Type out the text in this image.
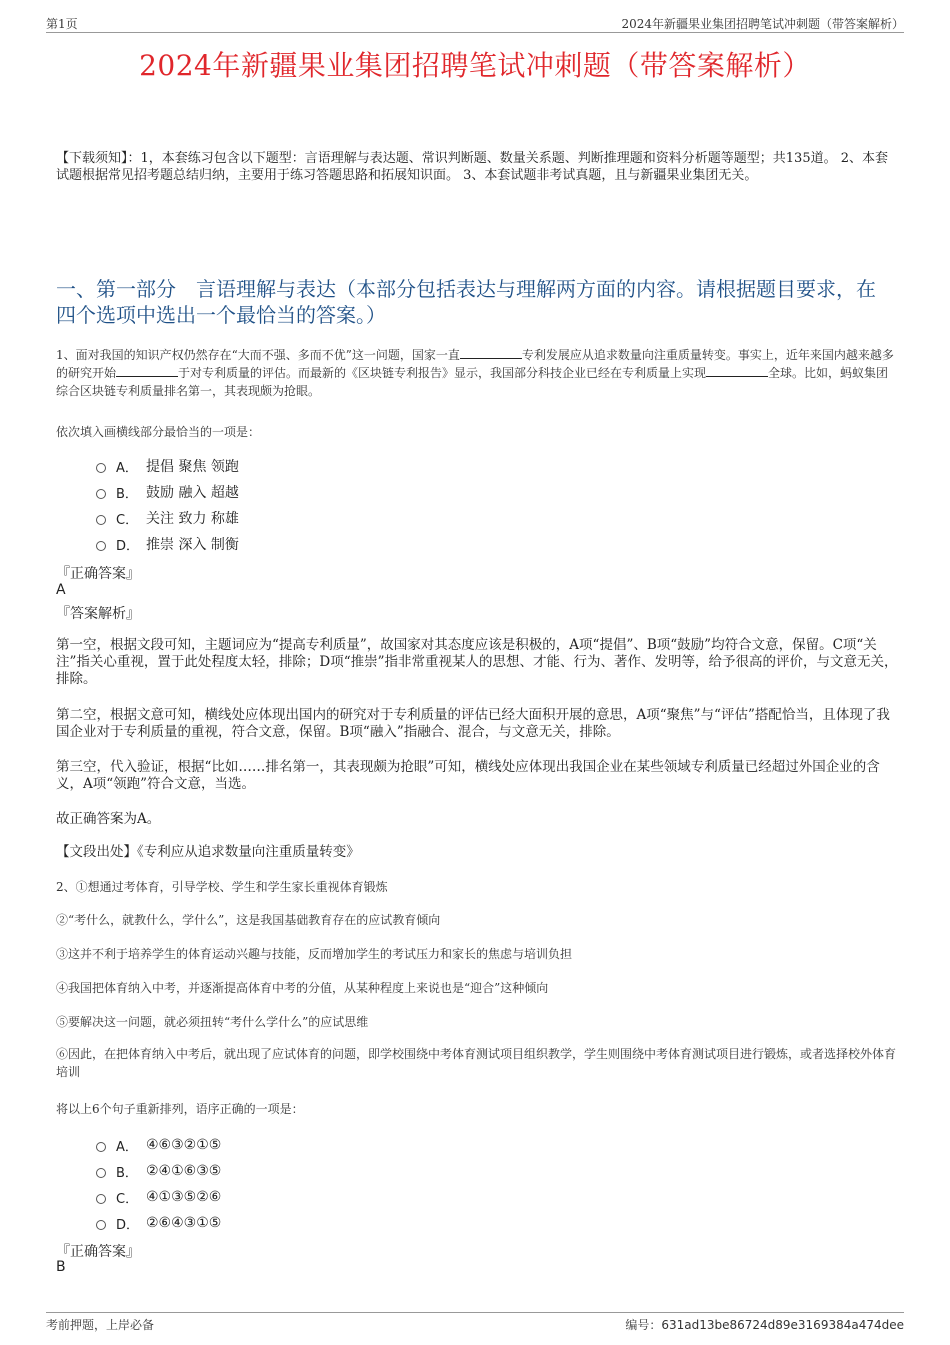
第1页	2024年新疆果业集团招聘笔试冲刺题（带答案解析）
2024年新疆果业集团招聘笔试冲刺题（带答案解析）
【下载须知】：1，本套练习包含以下题型：言语理解与表达题、常识判断题、数量关系题、判断推理题和资料分析题等题型；共135道。 2、本套试题根据常见招考题总结归纳，主要用于练习答题思路和拓展知识面。 3、本套试题非考试真题，且与新疆果业集团无关。
一、第一部分　言语理解与表达（本部分包括表达与理解两方面的内容。请根据题目要求，在四个选项中选出一个最恰当的答案。）
1、面对我国的知识产权仍然存在“大而不强、多而不优”这一问题，国家一直	专利发展应从追求数量向注重质量转变。事实上，近年来国内越来越多的研究开始	于对专利质量的评估。而最新的《区块链专利报告》显示，我国部分科技企业已经在专利质量上实现	全球。比如，蚂蚁集团综合区块链专利质量排名第一，其表现颇为抢眼。
依次填入画横线部分最恰当的一项是：
A． 提倡 聚焦 领跑
B． 鼓励 融入 超越
C． 关注 致力 称雄
D． 推崇 深入 制衡
『正确答案』
A
『答案解析』
第一空，根据文段可知，主题词应为“提高专利质量”，故国家对其态度应该是积极的，A项“提倡”、B项“鼓励”均符合文意，保留。C项“关注”指关心重视，置于此处程度太轻，排除；D项“推崇”指非常重视某人的思想、才能、行为、著作、发明等，给予很高的评价，与文意无关，排除。
第二空，根据文意可知，横线处应体现出国内的研究对于专利质量的评估已经大面积开展的意思，A项“聚焦”与“评估”搭配恰当，且体现了我国企业对于专利质量的重视，符合文意，保留。B项“融入”指融合、混合，与文意无关，排除。
第三空，代入验证，根据“比如……排名第一，其表现颇为抢眼”可知，横线处应体现出我国企业在某些领域专利质量已经超过外国企业的含义，A项“领跑”符合文意，当选。
故正确答案为A。
【文段出处】《专利应从追求数量向注重质量转变》
2、①想通过考体育，引导学校、学生和学生家长重视体育锻炼
②“考什么，就教什么，学什么”，这是我国基础教育存在的应试教育倾向
③这并不利于培养学生的体育运动兴趣与技能，反而增加学生的考试压力和家长的焦虑与培训负担
④我国把体育纳入中考，并逐渐提高体育中考的分值，从某种程度上来说也是“迎合”这种倾向
⑤要解决这一问题，就必须扭转“考什么学什么”的应试思维
⑥因此，在把体育纳入中考后，就出现了应试体育的问题，即学校围绕中考体育测试项目组织教学，学生则围绕中考体育测试项目进行锻炼，或者选择校外体育培训
将以上6个句子重新排列，语序正确的一项是：
A． ④⑥③②①⑤
B． ②④①⑥③⑤
C． ④①③⑤②⑥
D． ②⑥④③①⑤
『正确答案』
B
考前押题，上岸必备	编号：631ad13be86724d89e3169384a474dee
